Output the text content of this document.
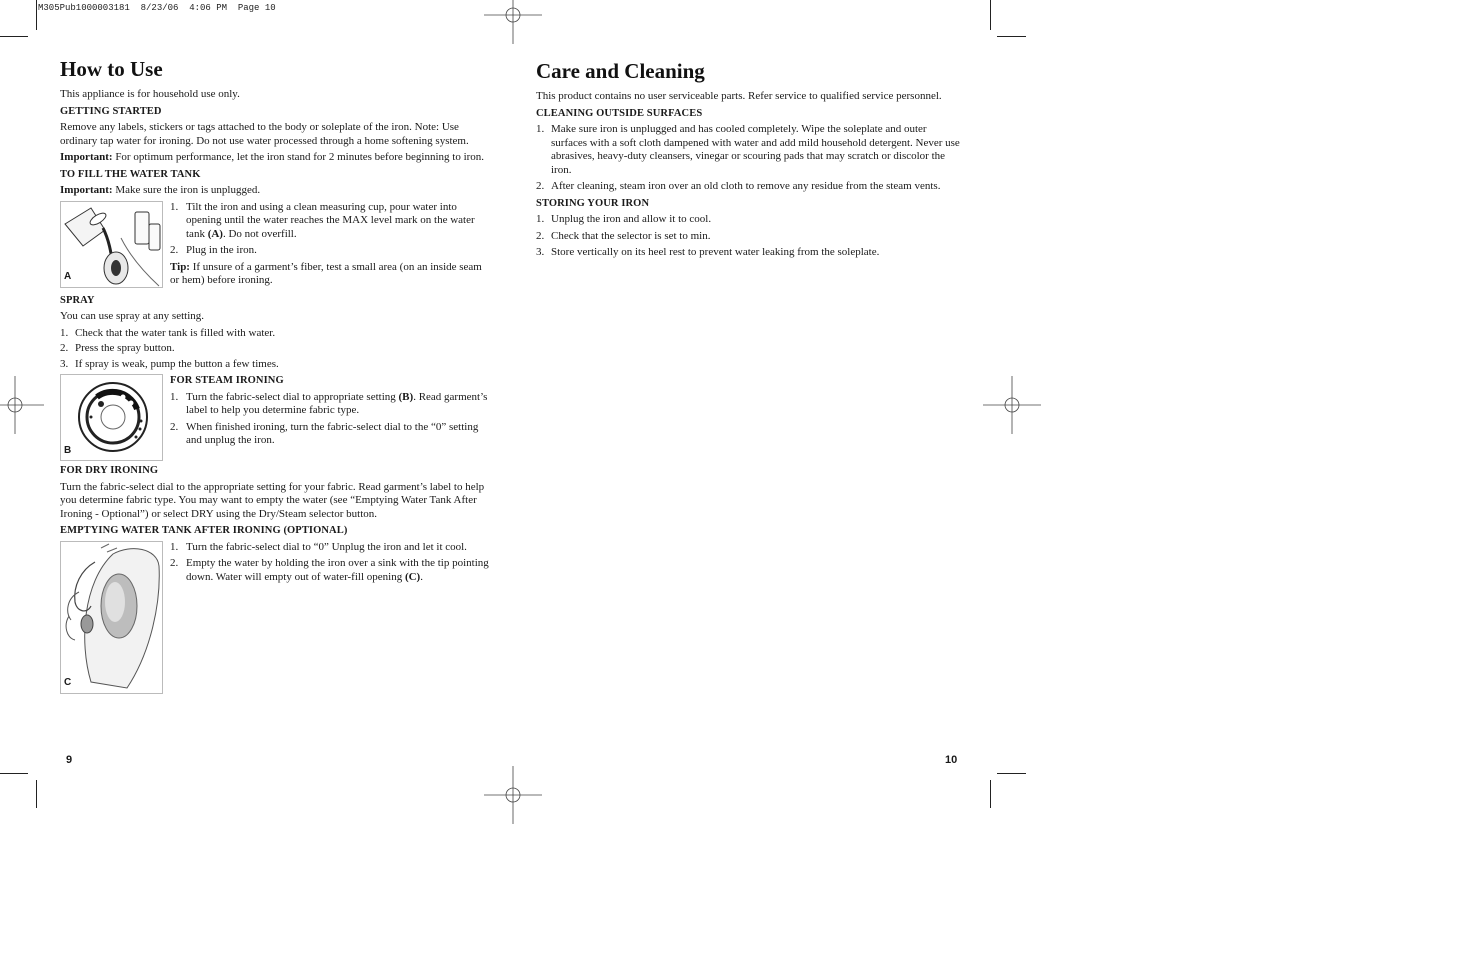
M305Pub1000003181  8/23/06  4:06 PM  Page 10
How to Use

This appliance is for household use only.

GETTING STARTED

Remove any labels, stickers or tags attached to the body or soleplate of the iron. Note: Use ordinary tap water for ironing. Do not use water processed through a home softening system.

Important: For optimum performance, let the iron stand for 2 minutes before beginning to iron.

TO FILL THE WATER TANK

Important: Make sure the iron is unplugged.

A
1. Tilt the iron and using a clean measuring cup, pour water into opening until the water reaches the MAX level mark on the water tank (A). Do not overfill.
2. Plug in the iron.

Tip: If unsure of a garment’s fiber, test a small area (on an inside seam or hem) before ironing.

SPRAY

You can use spray at any setting.

1. Check that the water tank is filled with water.
2. Press the spray button.
3. If spray is weak, pump the button a few times.
B
FOR STEAM IRONING
1. Turn the fabric-select dial to appropriate setting (B). Read garment’s label to help you determine fabric type.
2. When finished ironing, turn the fabric-select dial to the “0” setting and unplug the iron.
FOR DRY IRONING

Turn the fabric-select dial to the appropriate setting for your fabric. Read garment’s label to help you determine fabric type. You may want to empty the water (see “Emptying Water Tank After Ironing - Optional”) or select DRY using the Dry/Steam selector button.

EMPTYING WATER TANK AFTER IRONING (OPTIONAL)
C
1. Turn the fabric-select dial to “0” Unplug the iron and let it cool.
2. Empty the water by holding the iron over a sink with the tip pointing down. Water will empty out of water-fill opening (C).
9
Care and Cleaning

This product contains no user serviceable parts. Refer service to qualified service personnel.

CLEANING OUTSIDE SURFACES
1. Make sure iron is unplugged and has cooled completely. Wipe the soleplate and outer surfaces with a soft cloth dampened with water and add mild household detergent. Never use abrasives, heavy-duty cleansers, vinegar or scouring pads that may scratch or discolor the iron.
2. After cleaning, steam iron over an old cloth to remove any residue from the steam vents.
STORING YOUR IRON
1. Unplug the iron and allow it to cool.
2. Check that the selector is set to min.
3. Store vertically on its heel rest to prevent water leaking from the soleplate.
10
